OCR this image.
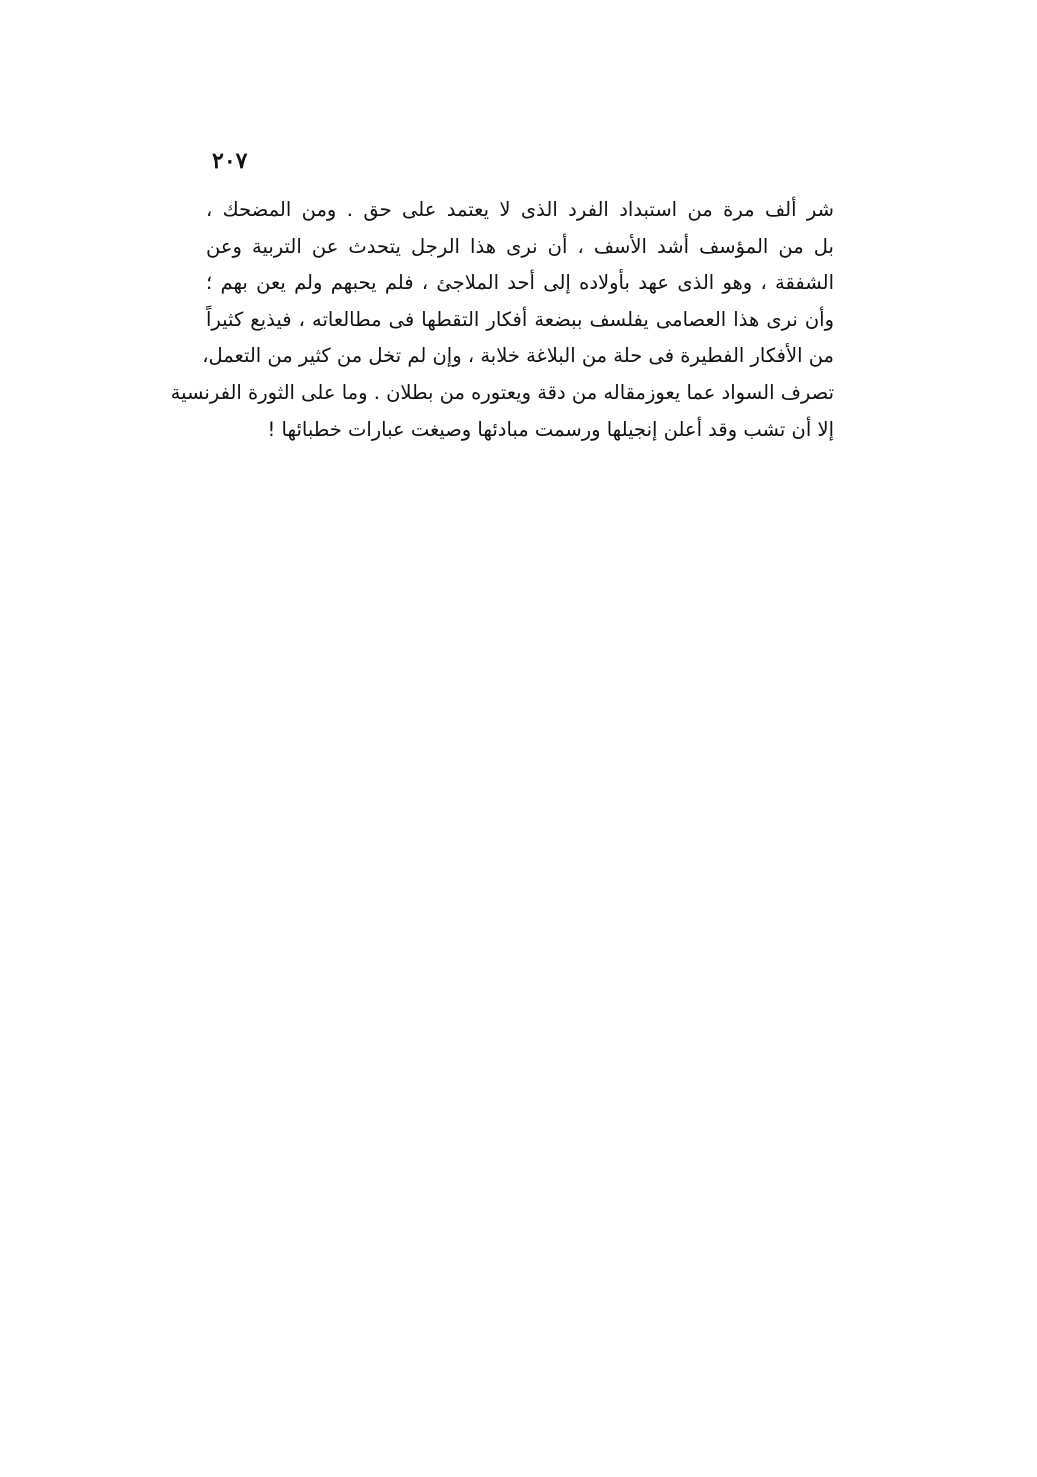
٢٠٧
شر ألف مرة من استبداد الفرد الذى لا يعتمد على حق . ومن المضحك ،
بل من المؤسف أشد الأسف ، أن نرى هذا الرجل يتحدث عن التربية وعن
الشفقة ، وهو الذى عهد بأولاده إلى أحد الملاجئ ، فلم يحبهم ولم يعن بهم ؛
وأن نرى هذا العصامى يفلسف ببضعة أفكار التقطها فى مطالعاته ، فيذيع كثيراً
من الأفكار الفطيرة فى حلة من البلاغة خلابة ، وإن لم تخل من كثير من التعمل،
تصرف السواد عما يعوزمقاله من دقة ويعتوره من بطلان . وما على الثورة الفرنسية
إلا أن تشب وقد أعلن إنجيلها ورسمت مبادئها وصيغت عبارات خطبائها !
